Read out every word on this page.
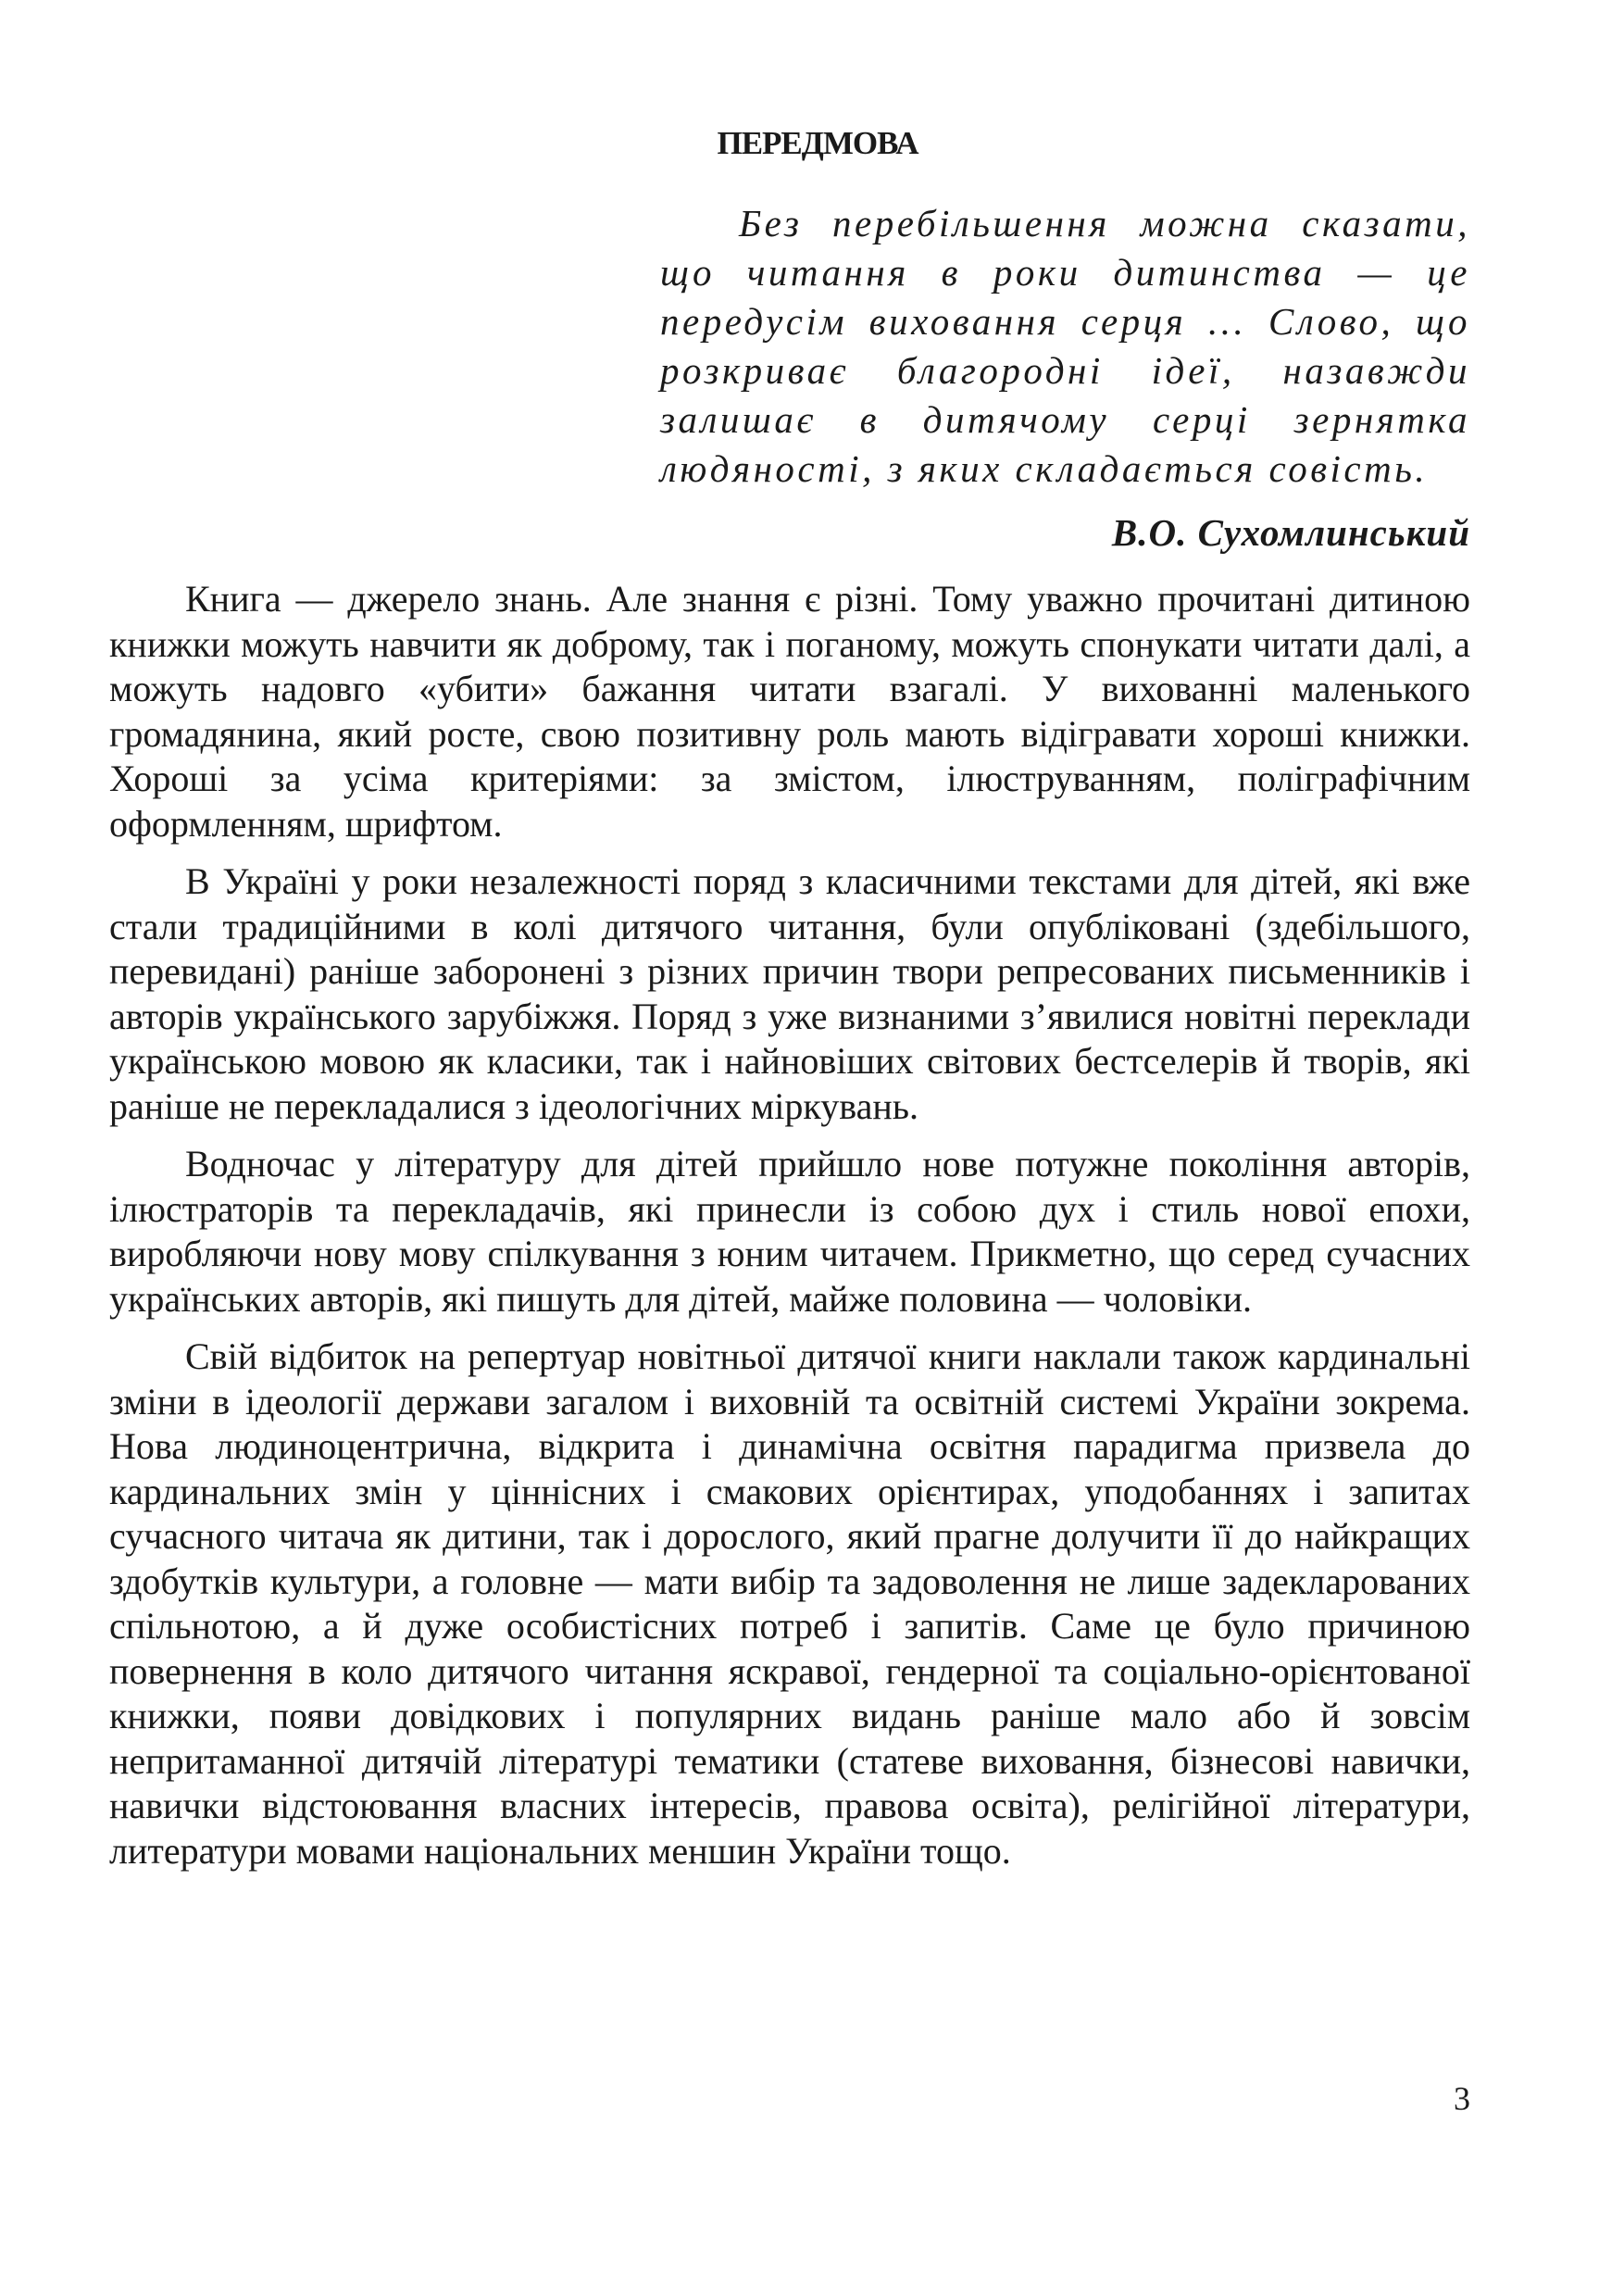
ПЕРЕДМОВА

Без перебільшення можна сказати, що читання в роки дитинства — це передусім виховання серця ... Слово, що розкриває благородні ідеї, назавжди залишає в дитячому серці зернятка людяності, з яких складається совість.

В.О. Сухомлинський

Книга — джерело знань. Але знання є різні. Тому уважно прочитані дитиною книжки можуть навчити як доброму, так і поганому, можуть спонукати читати далі, а можуть надовго «убити» бажання читати взагалі. У вихованні маленького громадянина, який росте, свою позитивну роль мають відігравати хороші книжки. Хороші за усіма критеріями: за змістом, ілюструванням, поліграфічним оформленням, шрифтом.

В Україні у роки незалежності поряд з класичними текстами для дітей, які вже стали традиційними в колі дитячого читання, були опубліковані (здебільшого, перевидані) раніше заборонені з різних причин твори репресованих письменників і авторів українського зарубіжжя. Поряд з уже визнаними з’явилися новітні переклади українською мовою як класики, так і найновіших світових бестселерів й творів, які раніше не перекладалися з ідеологічних міркувань.

Водночас у літературу для дітей прийшло нове потужне покоління авторів, ілюстраторів та перекладачів, які принесли із собою дух і стиль нової епохи, виробляючи нову мову спілкування з юним читачем. Прикметно, що серед сучасних українських авторів, які пишуть для дітей, майже половина — чоловіки.

Свій відбиток на репертуар новітньої дитячої книги наклали також кардинальні зміни в ідеології держави загалом і виховній та освітній системі України зокрема. Нова людиноцентрична, відкрита і динамічна освітня парадигма призвела до кардинальних змін у ціннісних і смакових орієнтирах, уподобаннях і запитах сучасного читача як дитини, так і дорослого, який прагне долучити її до найкращих здобутків культури, а головне — мати вибір та задоволення не лише задекларованих спільнотою, а й дуже особистісних потреб і запитів. Саме це було причиною повернення в коло дитячого читання яскравої, гендерної та соціально-орієнтованої книжки, появи довідкових і популярних видань раніше мало або й зовсім непритаманної дитячій літературі тематики (статеве виховання, бізнесові навички, навички відстоювання власних інтересів, правова освіта), релігійної літератури, литератури мовами національних меншин України тощо.

3
